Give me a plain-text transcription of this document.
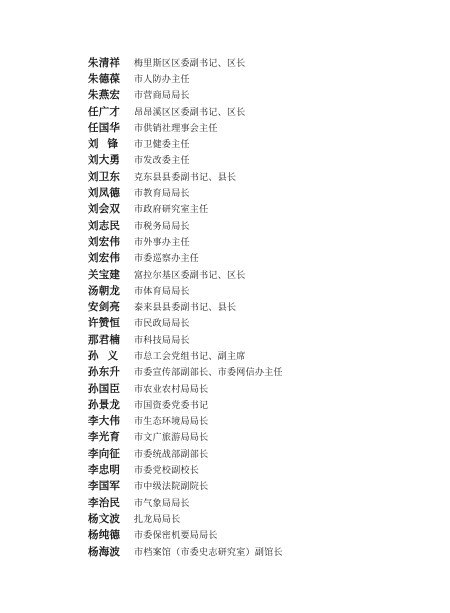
朱清祥	梅里斯区区委副书记、区长
朱德葆	市人防办主任
朱燕宏	市营商局局长
任广才	昂昂溪区区委副书记、区长
任国华	市供销社理事会主任
刘锋 市卫健委主任
刘大勇	市发改委主任
刘卫东	克东县县委副书记、县长
刘凤德	市教育局局长
刘会双	市政府研究室主任
刘志民	市税务局局长
刘宏伟	市外事办主任
刘宏伟	市委巡察办主任
关宝建	富拉尔基区委副书记、区长
汤朝龙	市体育局局长
安剑亮	泰来县县委副书记、县长
许赞恒	市民政局局长
那君楠	市科技局局长
孙义 市总工会党组书记、副主席
孙东升	市委宣传部副部长、市委网信办主任
孙国臣	市农业农村局局长
孙景龙	市国资委党委书记
李大伟	市生态环境局局长
李光育	市文广旅游局局长
李向征	市委统战部副部长
李忠明	市委党校副校长
李国军	市中级法院副院长
李治民	市气象局局长
杨文波	扎龙局局长
杨纯德	市委保密机要局局长
杨海波	市档案馆（市委史志研究室）副馆长
